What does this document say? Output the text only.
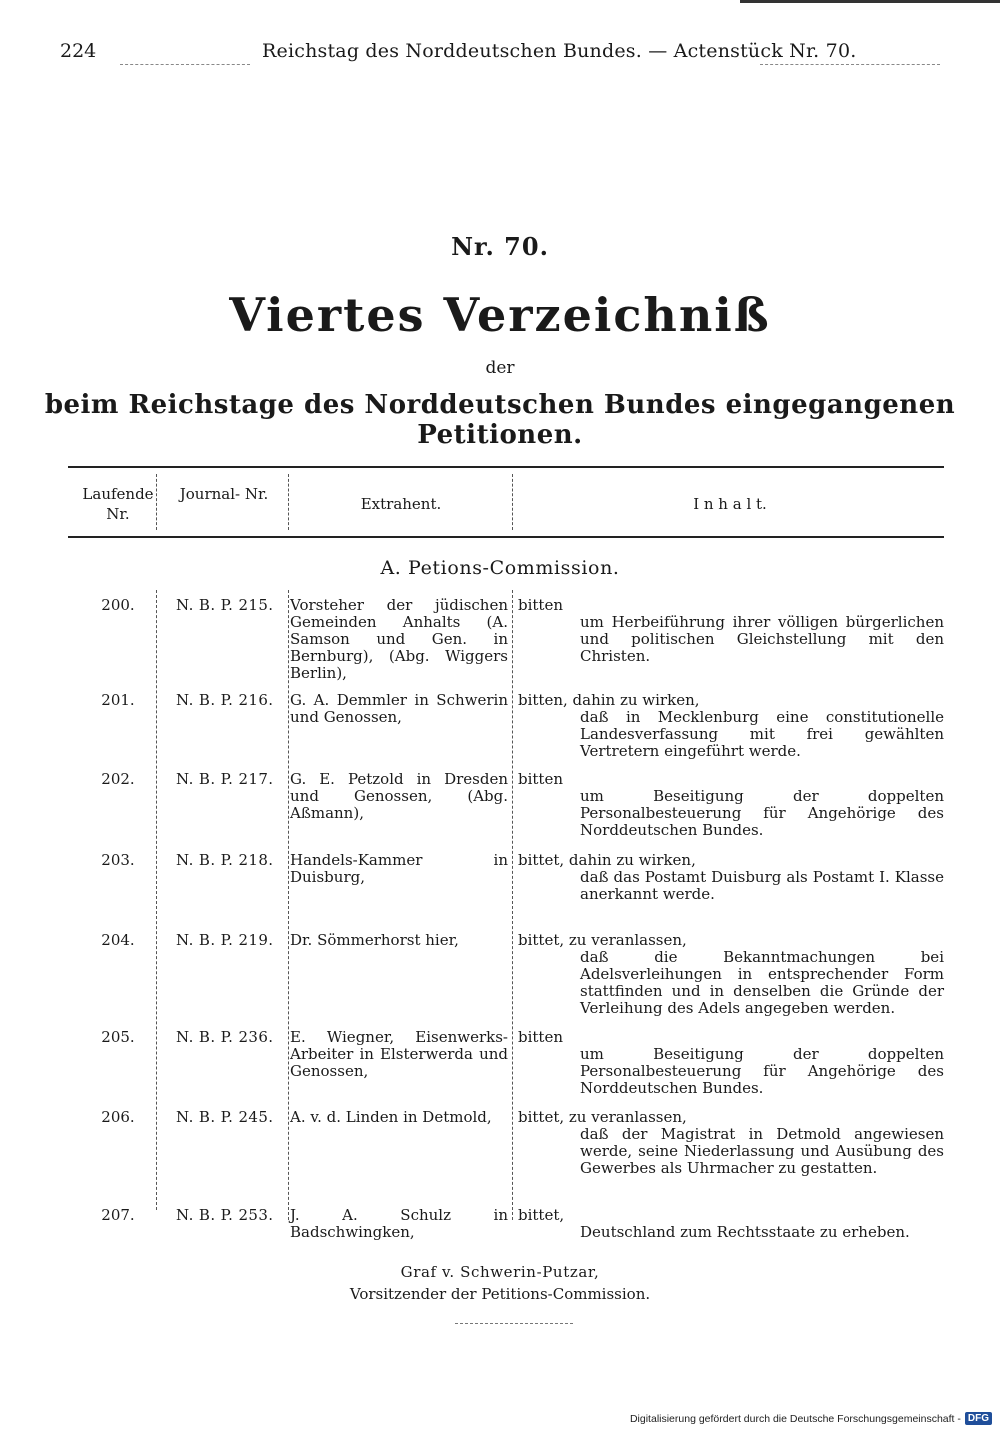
224	Reichstag des Norddeutschen Bundes. — Actenstück Nr. 70.
Nr. 70.
Viertes Verzeichniß
der
beim Reichstage des Norddeutschen Bundes eingegangenen Petitionen.
Laufende Nr.
Journal- Nr.
Extrahent.	I n h a l t.
A. Petions-Commission.
200.	N. B. P. 215.	Vorsteher der jüdischen Gemeinden Anhalts (A. Samson und Gen. in Bernburg), (Abg. Wiggers Berlin),
bitten
um Herbeiführung ihrer völligen bürgerlichen und politischen Gleichstellung mit den Christen.
201.	N. B. P. 216.	G. A. Demmler in Schwerin und Genossen,
bitten, dahin zu wirken,
daß in Mecklenburg eine constitutionelle Landesverfassung mit frei gewählten Vertretern eingeführt werde.
202.	N. B. P. 217.	G. E. Petzold in Dresden und Genossen, (Abg. Aßmann),
bitten
um Beseitigung der doppelten Personalbesteuerung für Angehörige des Norddeutschen Bundes.
203.	N. B. P. 218.	Handels-Kammer in Duisburg,
bittet, dahin zu wirken,
daß das Postamt Duisburg als Postamt I. Klasse anerkannt werde.
204.	N. B. P. 219.	Dr. Sömmerhorst hier,	bittet, zu veranlassen,
daß die Bekanntmachungen bei Adelsverleihungen in entsprechender Form stattfinden und in denselben die Gründe der Verleihung des Adels angegeben werden.
205.	N. B. P. 236.	E. Wiegner, Eisenwerks-Arbeiter in Elsterwerda und Genossen,
bitten
um Beseitigung der doppelten Personalbesteuerung für Angehörige des Norddeutschen Bundes.
206.	N. B. P. 245.	A. v. d. Linden in Detmold,	bittet, zu veranlassen,
daß der Magistrat in Detmold angewiesen werde, seine Niederlassung und Ausübung des Gewerbes als Uhrmacher zu gestatten.
207.	N. B. P. 253.	J. A. Schulz in Badschwingken,
bittet,
Deutschland zum Rechtsstaate zu erheben.
Graf v. Schwerin-Putzar,
Vorsitzender der Petitions-Commission.
Digitalisierung gefördert durch die Deutsche Forschungsgemeinschaft - DFG
